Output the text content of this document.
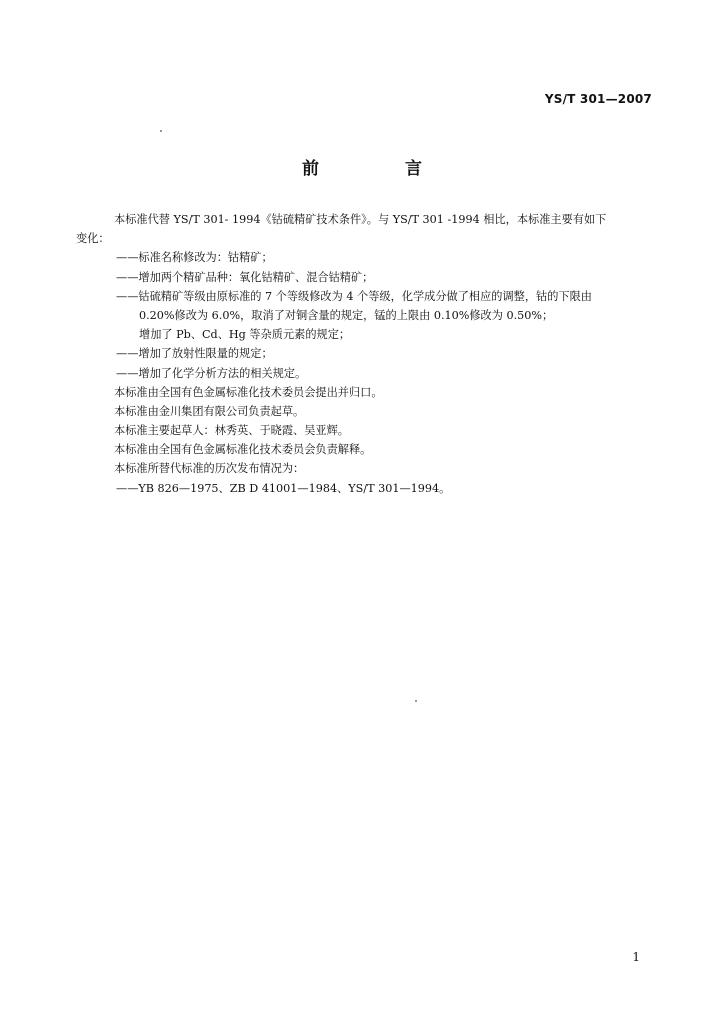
YS/T 301—2007
前 言
本标准代替 YS/T 301- 1994《钴硫精矿技术条件》。与 YS/T 301 -1994 相比，本标准主要有如下
变化：
——标准名称修改为：钴精矿；
——增加两个精矿品种：氧化钴精矿、混合钴精矿；
——钴硫精矿等级由原标准的 7 个等级修改为 4 个等级，化学成分做了相应的调整，钴的下限由
0.20%修改为 6.0%，取消了对铜含量的规定，锰的上限由 0.10%修改为 0.50%；
增加了 Pb、Cd、Hg 等杂质元素的规定；
——增加了放射性限量的规定；
——增加了化学分析方法的相关规定。
本标准由全国有色金属标准化技术委员会提出并归口。
本标准由金川集团有限公司负责起草。
本标准主要起草人：林秀英、于晓霞、吴亚辉。
本标准由全国有色金属标准化技术委员会负责解释。
本标准所替代标准的历次发布情况为：
——YB 826—1975、ZB D 41001—1984、YS/T 301—1994。
1
